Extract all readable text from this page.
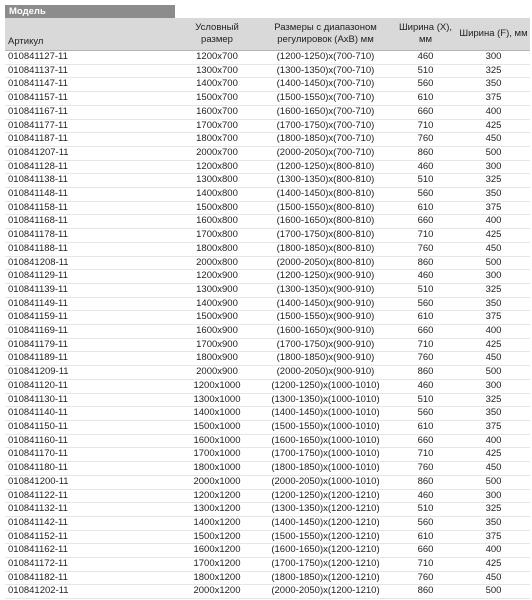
Модель
Артикул	Условный размер	Размеры с диапазоном регулировок (AxB) мм	Ширина (X), мм	Ширина (F), мм
010841127-11	1200x700	(1200-1250)x(700-710)	460	300
010841137-11	1300x700	(1300-1350)x(700-710)	510	325
010841147-11	1400x700	(1400-1450)x(700-710)	560	350
010841157-11	1500x700	(1500-1550)x(700-710)	610	375
010841167-11	1600x700	(1600-1650)x(700-710)	660	400
010841177-11	1700x700	(1700-1750)x(700-710)	710	425
010841187-11	1800x700	(1800-1850)x(700-710)	760	450
010841207-11	2000x700	(2000-2050)x(700-710)	860	500
010841128-11	1200x800	(1200-1250)x(800-810)	460	300
010841138-11	1300x800	(1300-1350)x(800-810)	510	325
010841148-11	1400x800	(1400-1450)x(800-810)	560	350
010841158-11	1500x800	(1500-1550)x(800-810)	610	375
010841168-11	1600x800	(1600-1650)x(800-810)	660	400
010841178-11	1700x800	(1700-1750)x(800-810)	710	425
010841188-11	1800x800	(1800-1850)x(800-810)	760	450
010841208-11	2000x800	(2000-2050)x(800-810)	860	500
010841129-11	1200x900	(1200-1250)x(900-910)	460	300
010841139-11	1300x900	(1300-1350)x(900-910)	510	325
010841149-11	1400x900	(1400-1450)x(900-910)	560	350
010841159-11	1500x900	(1500-1550)x(900-910)	610	375
010841169-11	1600x900	(1600-1650)x(900-910)	660	400
010841179-11	1700x900	(1700-1750)x(900-910)	710	425
010841189-11	1800x900	(1800-1850)x(900-910)	760	450
010841209-11	2000x900	(2000-2050)x(900-910)	860	500
010841120-11	1200x1000	(1200-1250)x(1000-1010)	460	300
010841130-11	1300x1000	(1300-1350)x(1000-1010)	510	325
010841140-11	1400x1000	(1400-1450)x(1000-1010)	560	350
010841150-11	1500x1000	(1500-1550)x(1000-1010)	610	375
010841160-11	1600x1000	(1600-1650)x(1000-1010)	660	400
010841170-11	1700x1000	(1700-1750)x(1000-1010)	710	425
010841180-11	1800x1000	(1800-1850)x(1000-1010)	760	450
010841200-11	2000x1000	(2000-2050)x(1000-1010)	860	500
010841122-11	1200x1200	(1200-1250)x(1200-1210)	460	300
010841132-11	1300x1200	(1300-1350)x(1200-1210)	510	325
010841142-11	1400x1200	(1400-1450)x(1200-1210)	560	350
010841152-11	1500x1200	(1500-1550)x(1200-1210)	610	375
010841162-11	1600x1200	(1600-1650)x(1200-1210)	660	400
010841172-11	1700x1200	(1700-1750)x(1200-1210)	710	425
010841182-11	1800x1200	(1800-1850)x(1200-1210)	760	450
010841202-11	2000x1200	(2000-2050)x(1200-1210)	860	500
